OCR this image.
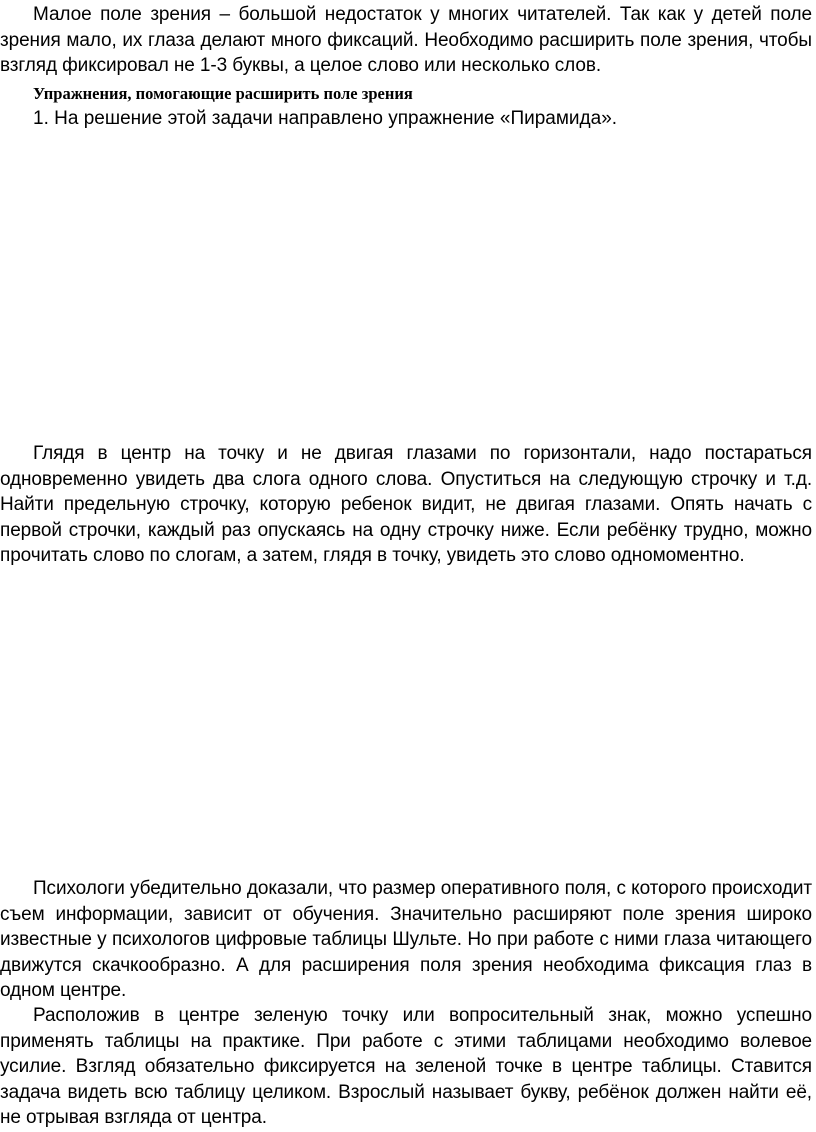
Малое поле зрения – большой недостаток у многих читателей. Так как у детей поле зрения мало, их глаза делают много фиксаций. Необходимо расширить поле зрения, чтобы взгляд фиксировал не 1-3 буквы, а целое слово или несколько слов.

Упражнения, помогающие расширить поле зрения

1. На решение этой задачи направлено упражнение «Пирамида».

Глядя в центр на точку и не двигая глазами по горизонтали, надо постараться одновременно увидеть два слога одного слова. Опуститься на следующую строчку и т.д. Найти предельную строчку, которую ребенок видит, не двигая глазами. Опять начать с первой строчки, каждый раз опускаясь на одну строчку ниже. Если ребёнку трудно, можно прочитать слово по слогам, а затем, глядя в точку, увидеть это слово одномоментно.

Психологи убедительно доказали, что размер оперативного поля, с которого происходит съем информации, зависит от обучения. Значительно расширяют поле зрения широко известные у психологов цифровые таблицы Шульте. Но при работе с ними глаза читающего движутся скачкообразно. А для расширения поля зрения необходима фиксация глаз в одном центре.

Расположив в центре зеленую точку или вопросительный знак, можно успешно применять таблицы на практике. При работе с этими таблицами необходимо волевое усилие. Взгляд обязательно фиксируется на зеленой точке в центре таблицы. Ставится задача видеть всю таблицу целиком. Взрослый называет букву, ребёнок должен найти её, не отрывая взгляда от центра.
